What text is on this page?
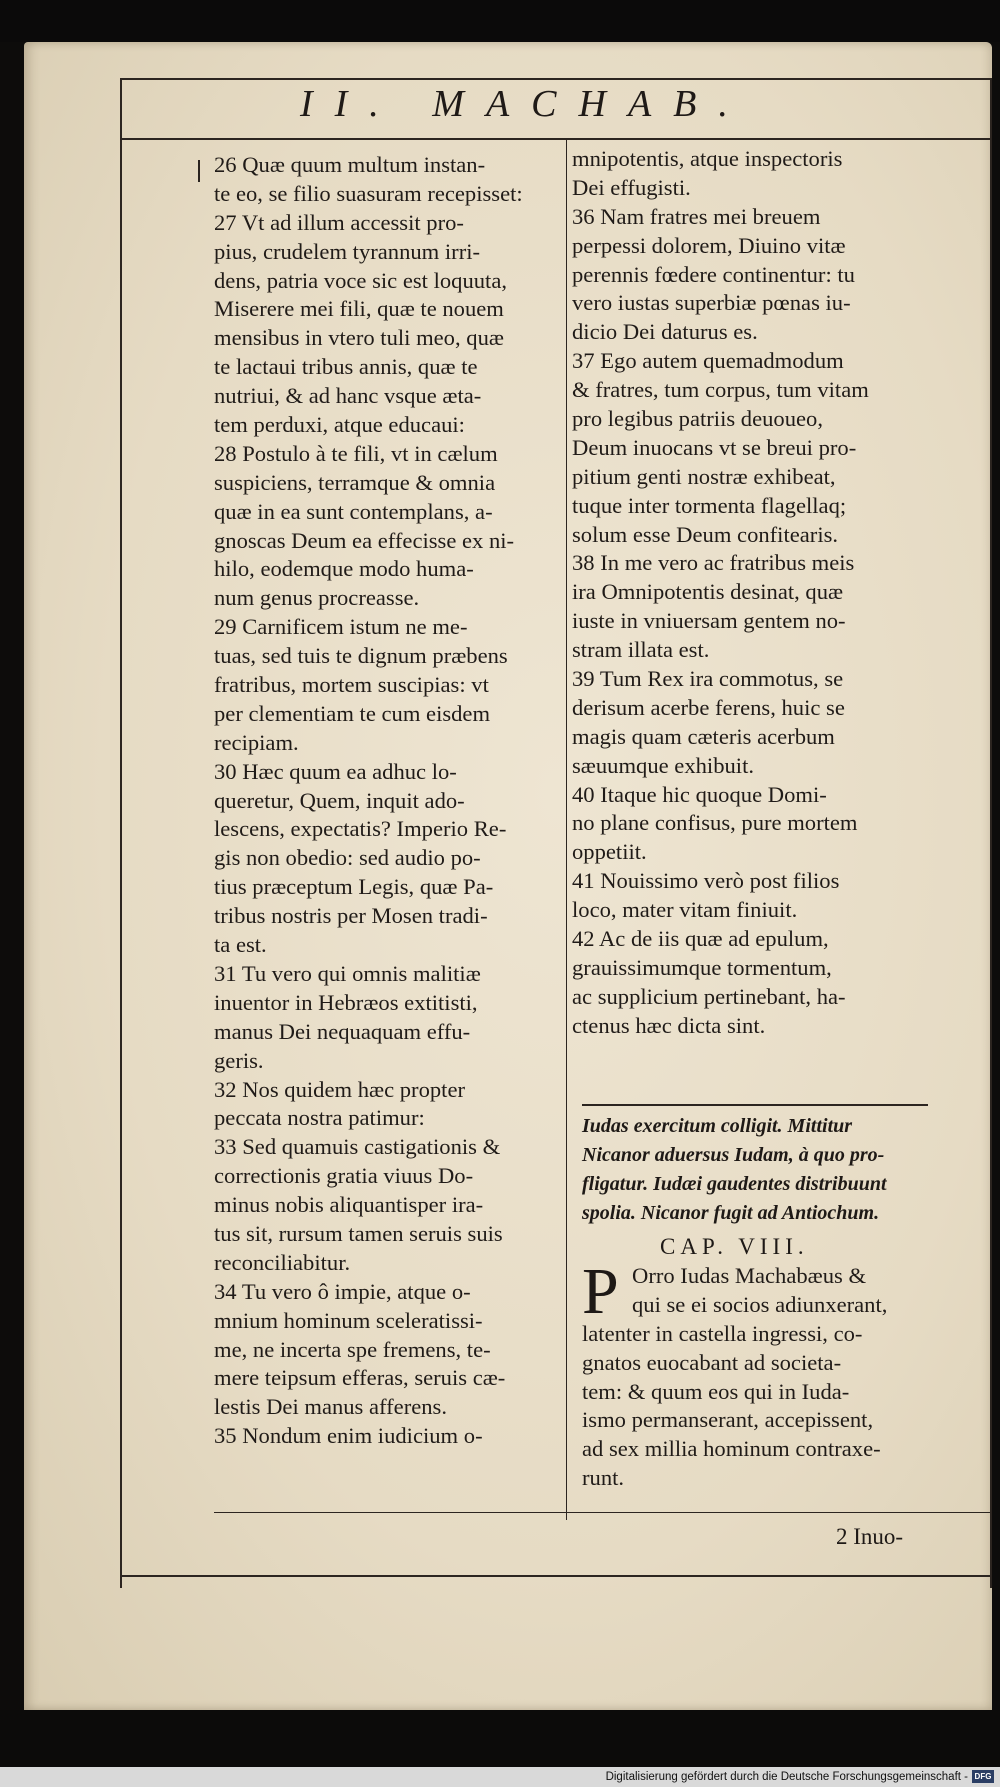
II. MACHAB.
26 Quæ quum multum instan-
te eo, se filio suasuram recepisset:
27 Vt ad illum accessit pro-
pius, crudelem tyrannum irri-
dens, patria voce sic est loquuta,
Miserere mei fili, quæ te nouem
mensibus in vtero tuli meo, quæ
te lactaui tribus annis, quæ te
nutriui, & ad hanc vsque æta-
tem perduxi, atque educaui:
28 Postulo à te fili, vt in cælum
suspiciens, terramque & omnia
quæ in ea sunt contemplans, a-
gnoscas Deum ea effecisse ex ni-
hilo, eodemque modo huma-
num genus procreasse.
29 Carnificem istum ne me-
tuas, sed tuis te dignum præbens
fratribus, mortem suscipias: vt
per clementiam te cum eisdem
recipiam.
30 Hæc quum ea adhuc lo-
queretur, Quem, inquit ado-
lescens, expectatis? Imperio Re-
gis non obedio: sed audio po-
tius præceptum Legis, quæ Pa-
tribus nostris per Mosen tradi-
ta est.
31 Tu vero qui omnis malitiæ
inuentor in Hebræos extitisti,
manus Dei nequaquam effu-
geris.
32 Nos quidem hæc propter
peccata nostra patimur:
33 Sed quamuis castigationis &
correctionis gratia viuus Do-
minus nobis aliquantisper ira-
tus sit, rursum tamen seruis suis
reconciliabitur.
34 Tu vero ô impie, atque o-
mnium hominum sceleratissi-
me, ne incerta spe fremens, te-
mere teipsum efferas, seruis cæ-
lestis Dei manus afferens.
35 Nondum enim iudicium o-
mnipotentis, atque inspectoris
Dei effugisti.
36 Nam fratres mei breuem
perpessi dolorem, Diuino vitæ
perennis fœdere continentur: tu
vero iustas superbiæ pœnas iu-
dicio Dei daturus es.
37 Ego autem quemadmodum
& fratres, tum corpus, tum vitam
pro legibus patriis deuoueo,
Deum inuocans vt se breui pro-
pitium genti nostræ exhibeat,
tuque inter tormenta flagellaq;
solum esse Deum confitearis.
38 In me vero ac fratribus meis
ira Omnipotentis desinat, quæ
iuste in vniuersam gentem no-
stram illata est.
39 Tum Rex ira commotus, se
derisum acerbe ferens, huic se
magis quam cæteris acerbum
sæuumque exhibuit.
40 Itaque hic quoque Domi-
no plane confisus, pure mortem
oppetiit.
41 Nouissimo verò post filios
loco, mater vitam finiuit.
42 Ac de iis quæ ad epulum,
grauissimumque tormentum,
ac supplicium pertinebant, ha-
ctenus hæc dicta sint.
Iudas exercitum colligit. Mittitur
Nicanor aduersus Iudam, à quo pro-
fligatur. Iudæi gaudentes distribuunt
spolia. Nicanor fugit ad Antiochum.
CAP. VIII.
P Orro Iudas Machabæus &
qui se ei socios adiunxerant,
latenter in castella ingressi, co-
gnatos euocabant ad societa-
tem: & quum eos qui in Iuda-
ismo permanserant, accepissent,
ad sex millia hominum contraxe-
runt.
2 Inuo-
Digitalisierung gefördert durch die Deutsche Forschungsgemeinschaft - DFG
